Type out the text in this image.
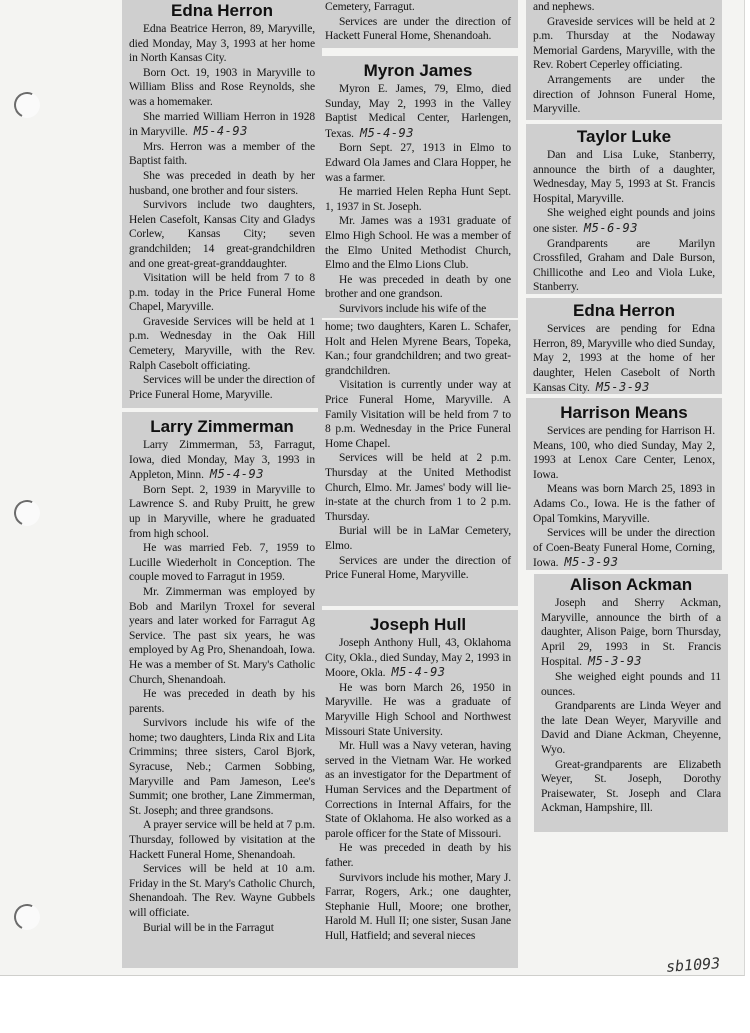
Edna Herron

Edna Beatrice Herron, 89, Maryville, died Monday, May 3, 1993 at her home in North Kansas City.

Born Oct. 19, 1903 in Maryville to William Bliss and Rose Reynolds, she was a homemaker.

She married William Herron in 1928 in Maryville. M5-4-93

Mrs. Herron was a member of the Baptist faith.

She was preceded in death by her husband, one brother and four sisters.

Survivors include two daughters, Helen Casefolt, Kansas City and Gladys Corlew, Kansas City; seven grandchilden; 14 great-grandchildren and one great-great-granddaughter.

Visitation will be held from 7 to 8 p.m. today in the Price Funeral Home Chapel, Maryville.

Graveside Services will be held at 1 p.m. Wednesday in the Oak Hill Cemetery, Maryville, with the Rev. Ralph Casebolt officiating.

Services will be under the direction of Price Funeral Home, Maryville.

Larry Zimmerman

Larry Zimmerman, 53, Farragut, Iowa, died Monday, May 3, 1993 in Appleton, Minn. M5-4-93

Born Sept. 2, 1939 in Maryville to Lawrence S. and Ruby Pruitt, he grew up in Maryville, where he graduated from high school.

He was married Feb. 7, 1959 to Lucille Wiederholt in Conception. The couple moved to Farragut in 1959.

Mr. Zimmerman was employed by Bob and Marilyn Troxel for several years and later worked for Farragut Ag Service. The past six years, he was employed by Ag Pro, Shenandoah, Iowa. He was a member of St. Mary's Catholic Church, Shenandoah.

He was preceded in death by his parents.

Survivors include his wife of the home; two daughters, Linda Rix and Lita Crimmins; three sisters, Carol Bjork, Syracuse, Neb.; Carmen Sobbing, Maryville and Pam Jameson, Lee's Summit; one brother, Lane Zimmerman, St. Joseph; and three grandsons.

A prayer service will be held at 7 p.m. Thursday, followed by visitation at the Hackett Funeral Home, Shenandoah.

Services will be held at 10 a.m. Friday in the St. Mary's Catholic Church, Shenandoah. The Rev. Wayne Gubbels will officiate.

Burial will be in the Farragut

Cemetery, Farragut.

Services are under the direction of Hackett Funeral Home, Shenandoah.

Myron James

Myron E. James, 79, Elmo, died Sunday, May 2, 1993 in the Valley Baptist Medical Center, Harlengen, Texas. M5-4-93

Born Sept. 27, 1913 in Elmo to Edward Ola James and Clara Hopper, he was a farmer.

He married Helen Repha Hunt Sept. 1, 1937 in St. Joseph.

Mr. James was a 1931 graduate of Elmo High School. He was a member of the Elmo United Methodist Church, Elmo and the Elmo Lions Club.

He was preceded in death by one brother and one grandson.

Survivors include his wife of the

home; two daughters, Karen L. Schafer, Holt and Helen Myrene Bears, Topeka, Kan.; four grandchildren; and two great-grandchildren.

Visitation is currently under way at Price Funeral Home, Maryville. A Family Visitation will be held from 7 to 8 p.m. Wednesday in the Price Funeral Home Chapel.

Services will be held at 2 p.m. Thursday at the United Methodist Church, Elmo. Mr. James' body will lie-in-state at the church from 1 to 2 p.m. Thursday.

Burial will be in LaMar Cemetery, Elmo.

Services are under the direction of Price Funeral Home, Maryville.

Joseph Hull

Joseph Anthony Hull, 43, Oklahoma City, Okla., died Sunday, May 2, 1993 in Moore, Okla. M5-4-93

He was born March 26, 1950 in Maryville. He was a graduate of Maryville High School and Northwest Missouri State University.

Mr. Hull was a Navy veteran, having served in the Vietnam War. He worked as an investigator for the Department of Human Services and the Department of Corrections in Internal Affairs, for the State of Oklahoma. He also worked as a parole officer for the State of Missouri.

He was preceded in death by his father.

Survivors include his mother, Mary J. Farrar, Rogers, Ark.; one daughter, Stephanie Hull, Moore; one brother, Harold M. Hull II; one sister, Susan Jane Hull, Hatfield; and several nieces

and nephews.

Graveside services will be held at 2 p.m. Thursday at the Nodaway Memorial Gardens, Maryville, with the Rev. Robert Ceperley officiating.

Arrangements are under the direction of Johnson Funeral Home, Maryville.

Taylor Luke

Dan and Lisa Luke, Stanberry, announce the birth of a daughter, Wednesday, May 5, 1993 at St. Francis Hospital, Maryville.

She weighed eight pounds and joins one sister. M5-6-93

Grandparents are Marilyn Crossfiled, Graham and Dale Burson, Chillicothe and Leo and Viola Luke, Stanberry.

Edna Herron

Services are pending for Edna Herron, 89, Maryville who died Sunday, May 2, 1993 at the home of her daughter, Helen Casebolt of North Kansas City. M5-3-93

Harrison Means

Services are pending for Harrison H. Means, 100, who died Sunday, May 2, 1993 at Lenox Care Center, Lenox, Iowa.

Means was born March 25, 1893 in Adams Co., Iowa. He is the father of Opal Tomkins, Maryville.

Services will be under the direction of Coen-Beaty Funeral Home, Corning, Iowa. M5-3-93

Alison Ackman

Joseph and Sherry Ackman, Maryville, announce the birth of a daughter, Alison Paige, born Thursday, April 29, 1993 in St. Francis Hospital. M5-3-93

She weighed eight pounds and 11 ounces.

Grandparents are Linda Weyer and the late Dean Weyer, Maryville and David and Diane Ackman, Cheyenne, Wyo.

Great-grandparents are Elizabeth Weyer, St. Joseph, Dorothy Praisewater, St. Joseph and Clara Ackman, Hampshire, Ill.

sb1093
